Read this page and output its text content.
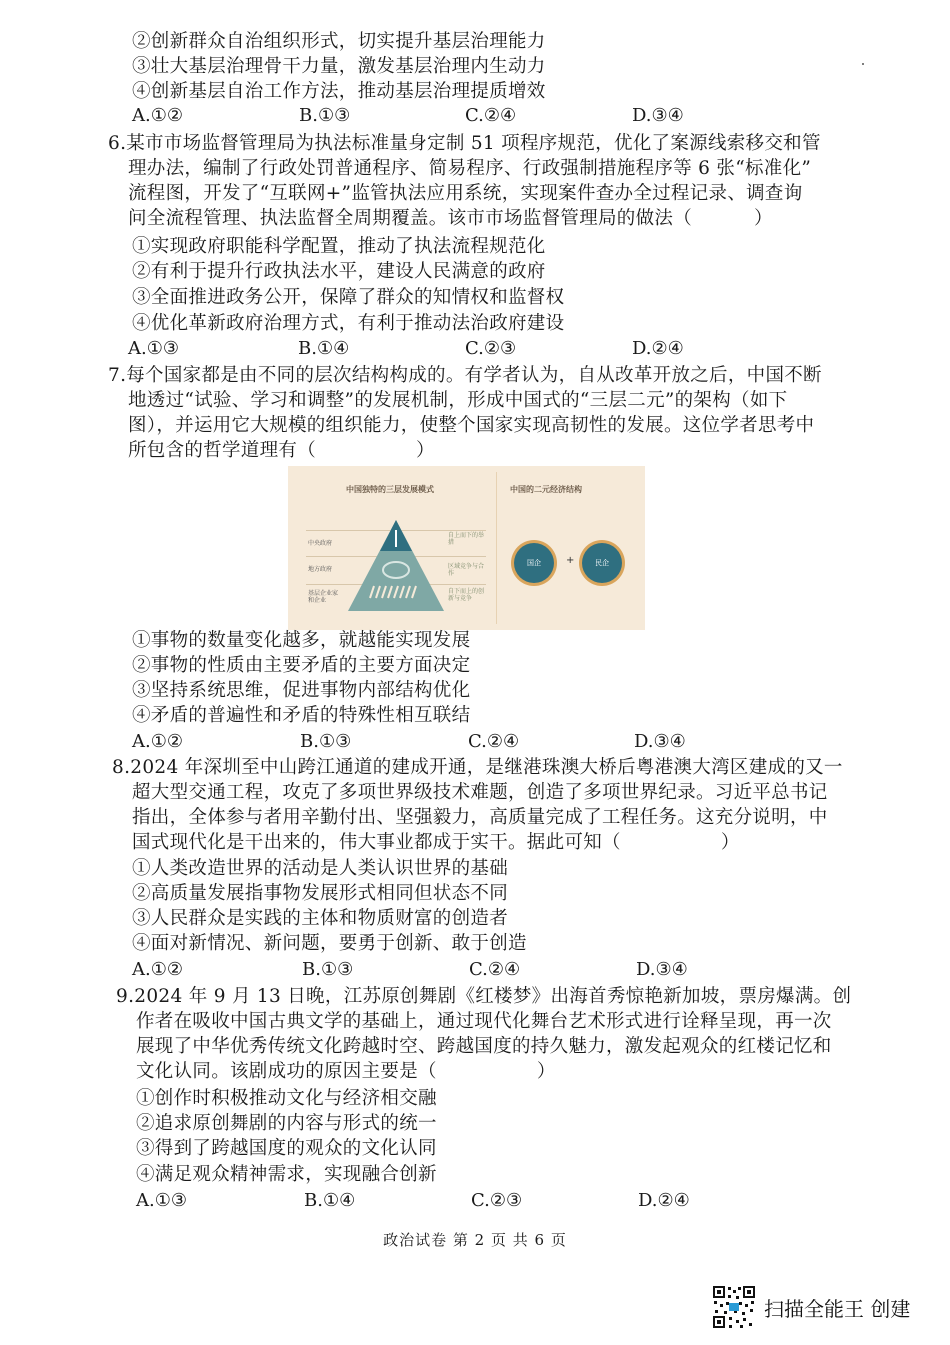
②创新群众自治组织形式，切实提升基层治理能力
③壮大基层治理骨干力量，激发基层治理内生动力
④创新基层自治工作方法，推动基层治理提质增效
A.①②	B.①③	C.②④	D.③④
6.某市市场监督管理局为执法标准量身定制 51 项程序规范，优化了案源线索移交和管
理办法，编制了行政处罚普通程序、简易程序、行政强制措施程序等 6 张“标准化”
流程图，开发了“互联网+”监管执法应用系统，实现案件查办全过程记录、调查询
问全流程管理、执法监督全周期覆盖。该市市场监督管理局的做法（	）
①实现政府职能科学配置，推动了执法流程规范化
②有利于提升行政执法水平，建设人民满意的政府
③全面推进政务公开，保障了群众的知情权和监督权
④优化革新政府治理方式，有利于推动法治政府建设
A.①③	B.①④	C.②③	D.②④
7.每个国家都是由不同的层次结构构成的。有学者认为，自从改革开放之后，中国不断
地透过“试验、学习和调整”的发展机制，形成中国式的“三层二元”的架构（如下
图），并运用它大规模的组织能力，使整个国家实现高韧性的发展。这位学者思考中
所包含的哲学道理有（	）
中国独特的三层发展模式
中央政府
地方政府
基层企业家和企业
自上而下的举措
区域竞争与合作
自下而上的创新与竞争
中国的二元经济结构
国企	+	民企
①事物的数量变化越多，就越能实现发展
②事物的性质由主要矛盾的主要方面决定
③坚持系统思维，促进事物内部结构优化
④矛盾的普遍性和矛盾的特殊性相互联结
A.①②	B.①③	C.②④	D.③④
8.2024 年深圳至中山跨江通道的建成开通，是继港珠澳大桥后粤港澳大湾区建成的又一
超大型交通工程，攻克了多项世界级技术难题，创造了多项世界纪录。习近平总书记
指出，全体参与者用辛勤付出、坚强毅力，高质量完成了工程任务。这充分说明，中
国式现代化是干出来的，伟大事业都成于实干。据此可知（	）
①人类改造世界的活动是人类认识世界的基础
②高质量发展指事物发展形式相同但状态不同
③人民群众是实践的主体和物质财富的创造者
④面对新情况、新问题，要勇于创新、敢于创造
A.①②	B.①③	C.②④	D.③④
9.2024 年 9 月 13 日晚，江苏原创舞剧《红楼梦》出海首秀惊艳新加坡，票房爆满。创
作者在吸收中国古典文学的基础上，通过现代化舞台艺术形式进行诠释呈现，再一次
展现了中华优秀传统文化跨越时空、跨越国度的持久魅力，激发起观众的红楼记忆和
文化认同。该剧成功的原因主要是（	）
①创作时积极推动文化与经济相交融
②追求原创舞剧的内容与形式的统一
③得到了跨越国度的观众的文化认同
④满足观众精神需求，实现融合创新
A.①③	B.①④	C.②③	D.②④
政治试卷 第 2 页 共 6 页
扫描全能王 创建
